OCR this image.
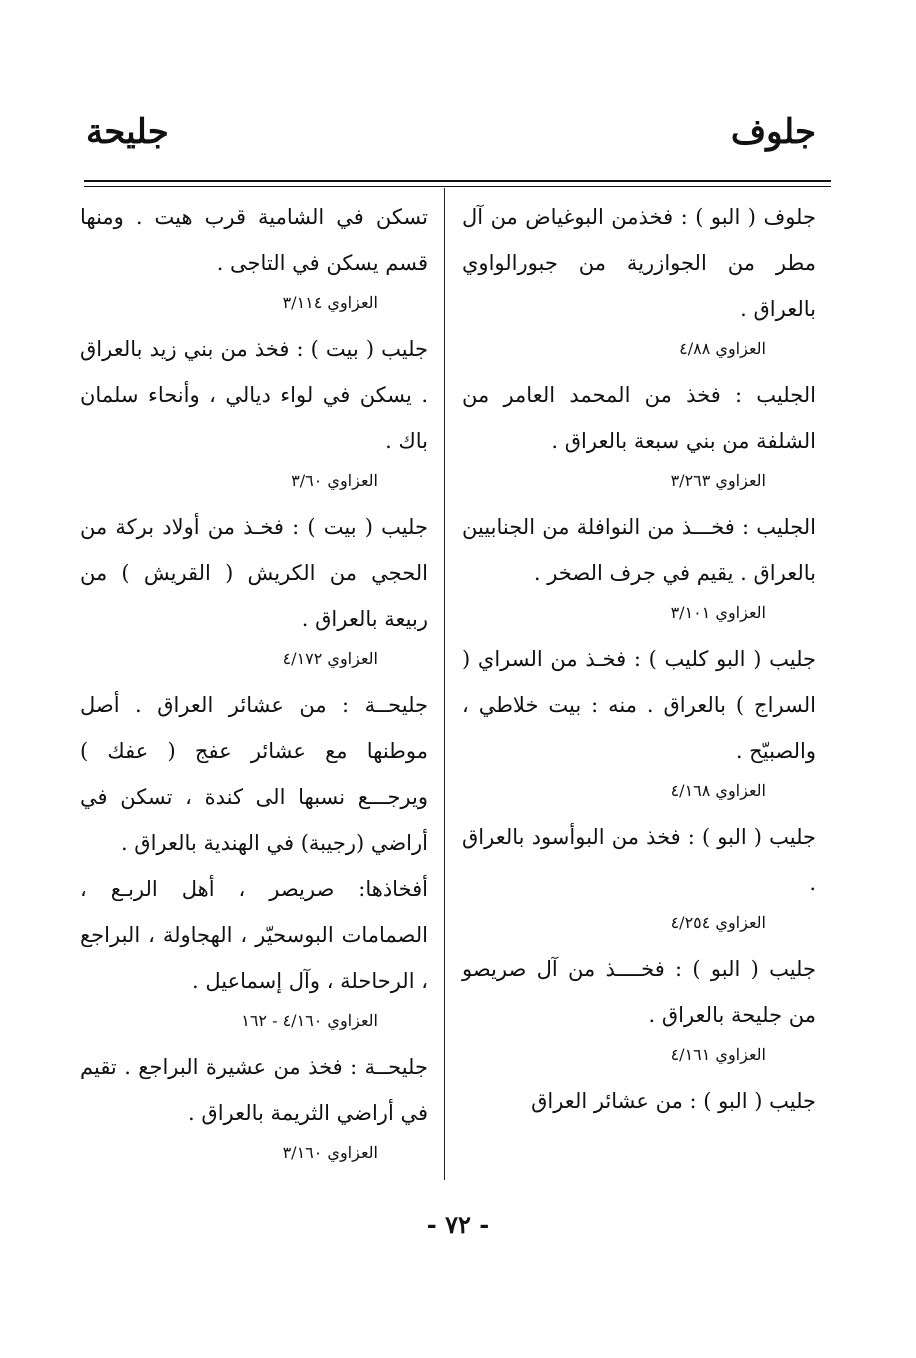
جلوف
جليحة

جلوف ( البو ) : فخذمن البوغياض من آل مطر من الجوازرية من جبورالواوي بالعراق .

العزاوي ٤/٨٨

الجليب : فخذ من المحمد العامر من الشلفة من بني سبعة بالعراق .

العزاوي ٣/٢٦٣

الجليب : فخـــذ من النوافلة من الجنابيين بالعراق . يقيم في جرف الصخر .

العزاوي ٣/١٠١

جليب ( البو كليب ) : فخـذ من السراي ( السراج ) بالعراق . منه : بيت خلاطي ، والصبيّح .

العزاوي ٤/١٦٨

جليب ( البو ) : فخذ من البوأسود بالعراق .

العزاوي ٤/٢٥٤

جليب ( البو ) : فخــــذ من آل صريصو من جليحة بالعراق .

العزاوي ٤/١٦١

جليب ( البو ) : من عشائر العراق

تسكن في الشامية قرب هيت . ومنها قسم يسكن في التاجى .

العزاوي ٣/١١٤

جليب ( بيت ) : فخذ من بني زيد بالعراق . يسكن في لواء ديالي ، وأنحاء سلمان باك .

العزاوي ٣/٦٠

جليب ( بيت ) : فخـذ من أولاد بركة من الحجي من الكريش ( القريش ) من ربيعة بالعراق .

العزاوي ٤/١٧٢

جليحــة : من عشائر العراق . أصل موطنها مع عشائر عفج ( عفك ) ويرجـــع نسبها الى كندة ، تسكن في أراضي (رجيبة) في الهندية بالعراق .

أفخاذها: صريصر ، أهل الربـع ، الصمامات البوسحيّر ، الهجاولة ، البراجع ، الرحاحلة ، وآل إسماعيل .

العزاوي ٤/١٦٠ - ١٦٢

جليحــة : فخذ من عشيرة البراجع . تقيم في أراضي الثريمة بالعراق .

العزاوي ٣/١٦٠

- ٧٢ -
